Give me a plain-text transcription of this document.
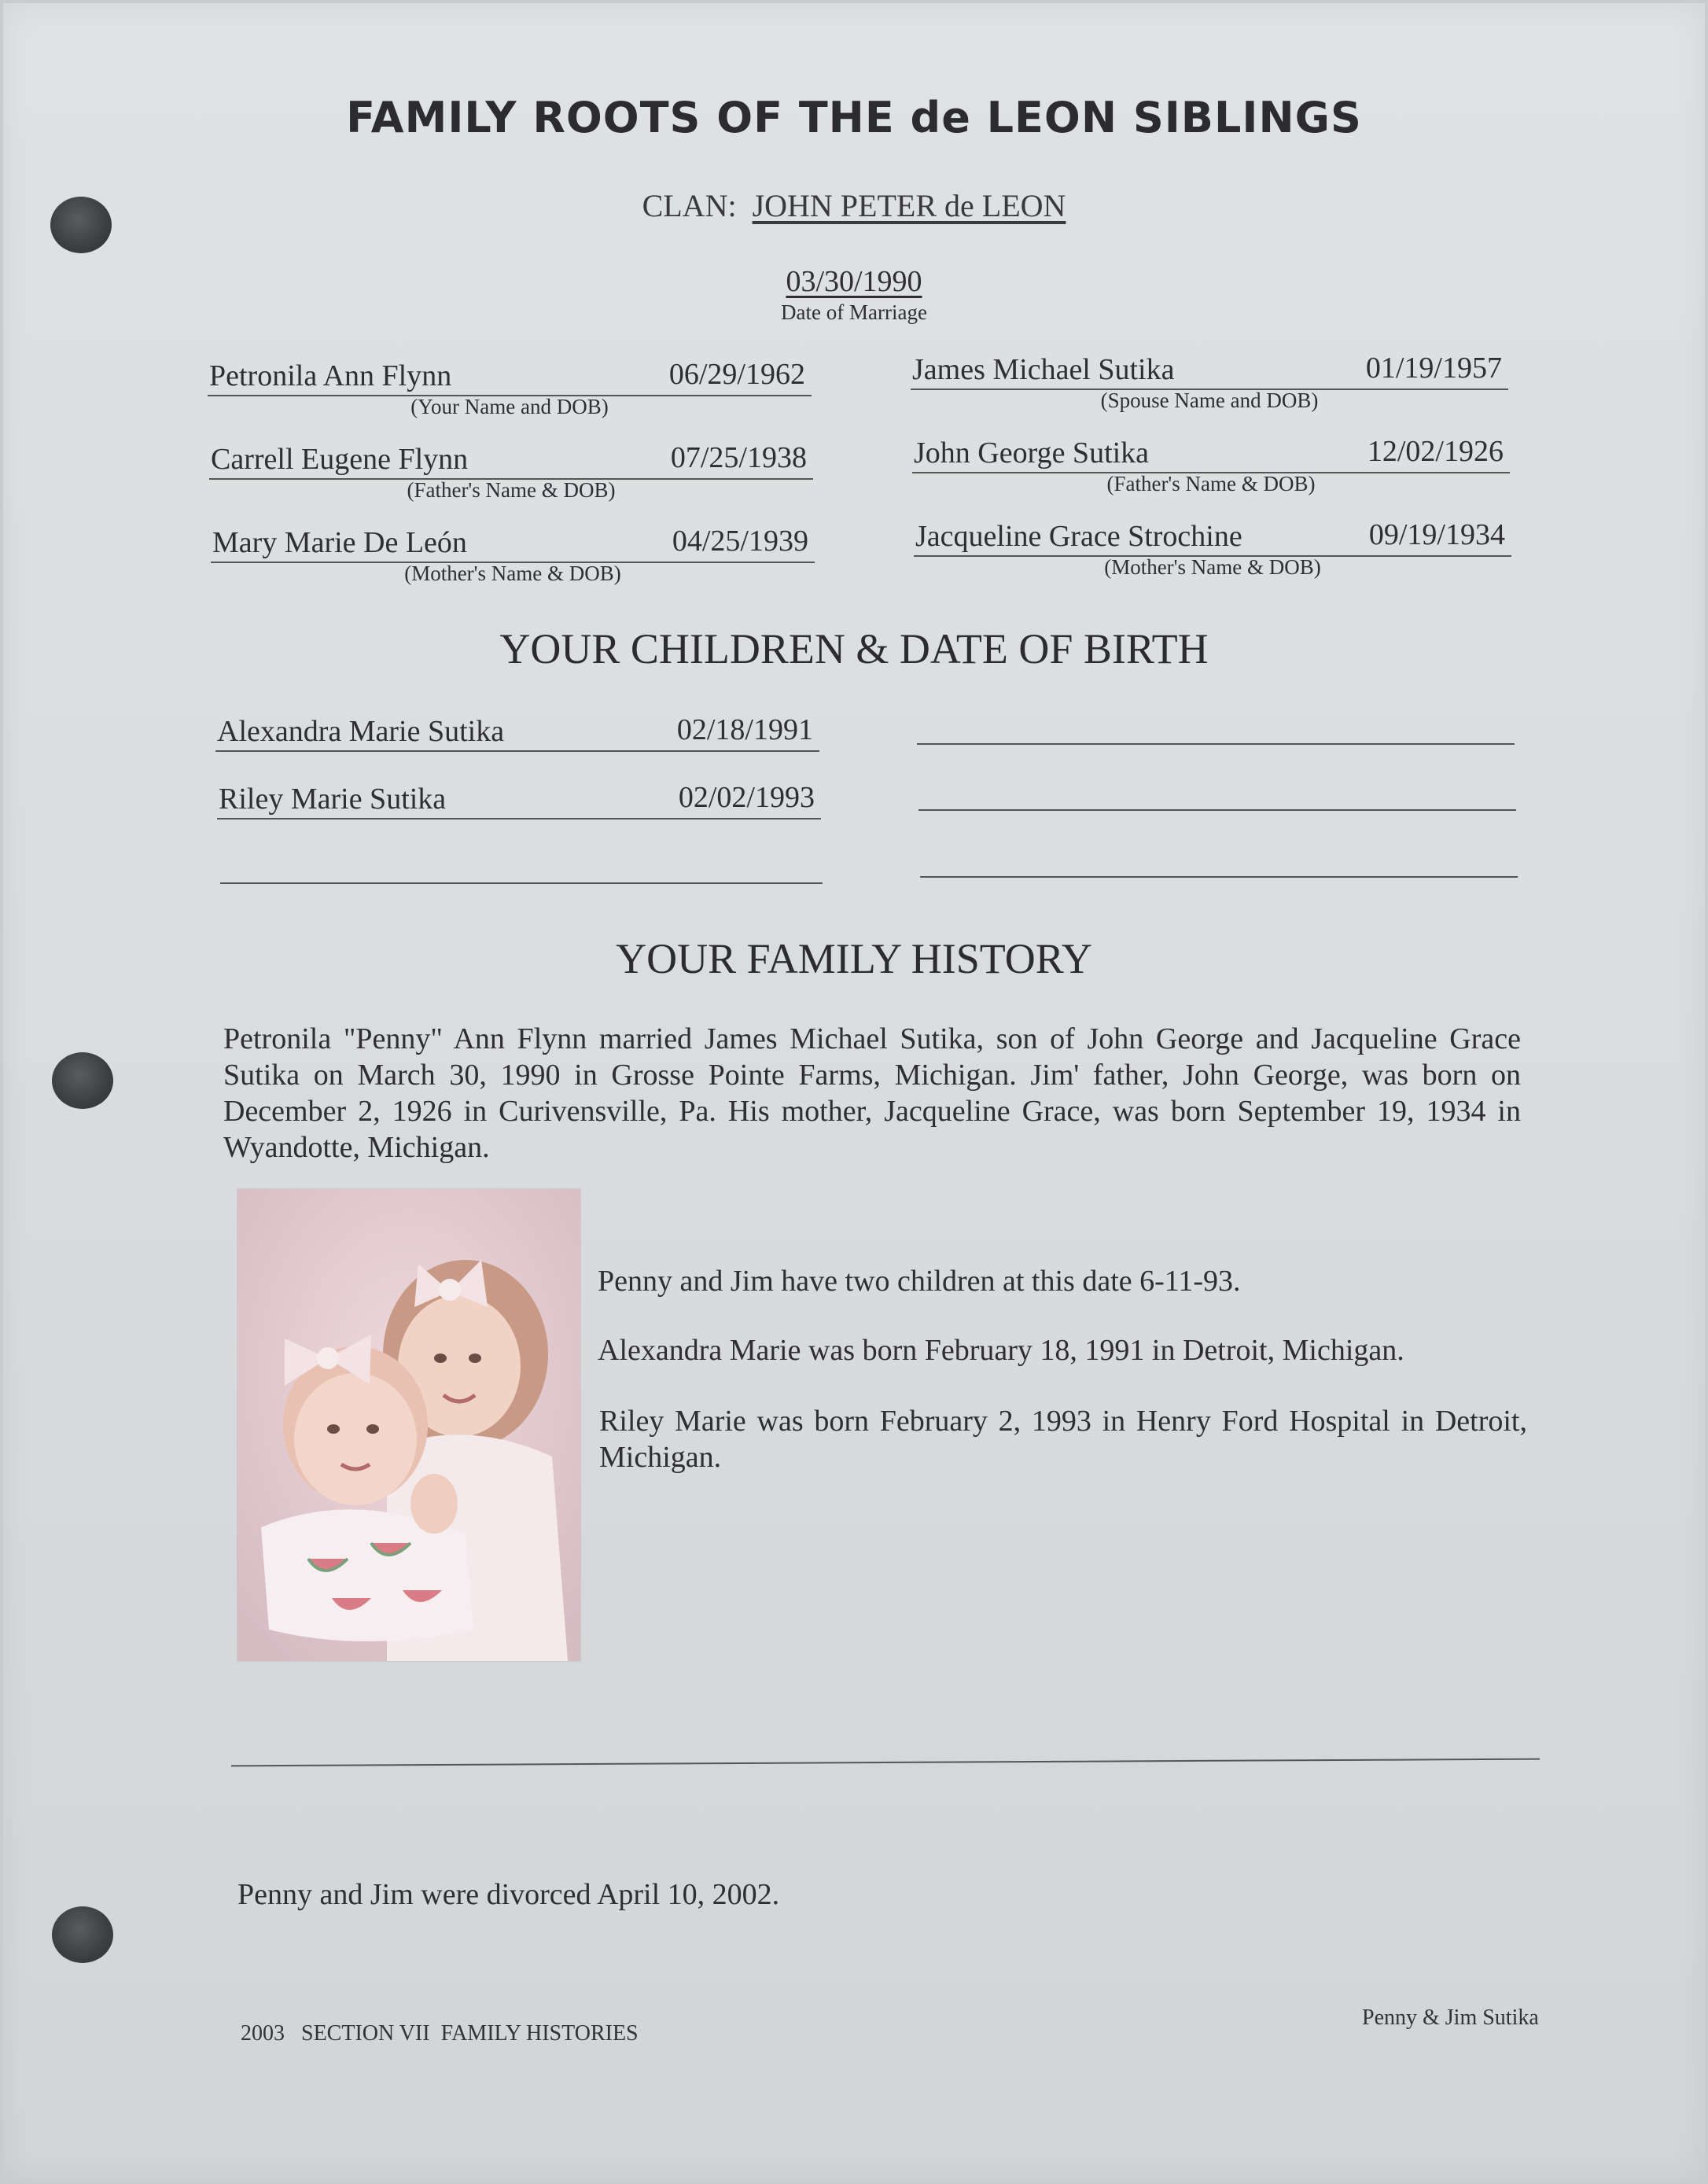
FAMILY ROOTS OF THE de LEON SIBLINGS
CLAN: JOHN PETER de LEON
03/30/1990
Date of Marriage
Petronila Ann Flynn	06/29/1962
(Your Name and DOB)
Carrell Eugene Flynn	07/25/1938
(Father's Name & DOB)
Mary Marie De León	04/25/1939
(Mother's Name & DOB)
James Michael Sutika	01/19/1957
(Spouse Name and DOB)
John George Sutika	12/02/1926
(Father's Name & DOB)
Jacqueline Grace Strochine	09/19/1934
(Mother's Name & DOB)
YOUR CHILDREN & DATE OF BIRTH
Alexandra Marie Sutika	02/18/1991
Riley Marie Sutika	02/02/1993
YOUR FAMILY HISTORY
Petronila "Penny" Ann Flynn married James Michael Sutika, son of John George and Jacqueline Grace Sutika on March 30, 1990 in Grosse Pointe Farms, Michigan. Jim' father, John George, was born on December 2, 1926 in Curivensville, Pa. His mother, Jacqueline Grace, was born September 19, 1934 in Wyandotte, Michigan.
Penny and Jim have two children at this date 6-11-93.
Alexandra Marie was born February 18, 1991 in Detroit, Michigan.
Riley Marie was born February 2, 1993 in Henry Ford Hospital in Detroit, Michigan.
Penny and Jim were divorced April 10, 2002.
2003   SECTION VII  FAMILY HISTORIES
Penny & Jim Sutika
